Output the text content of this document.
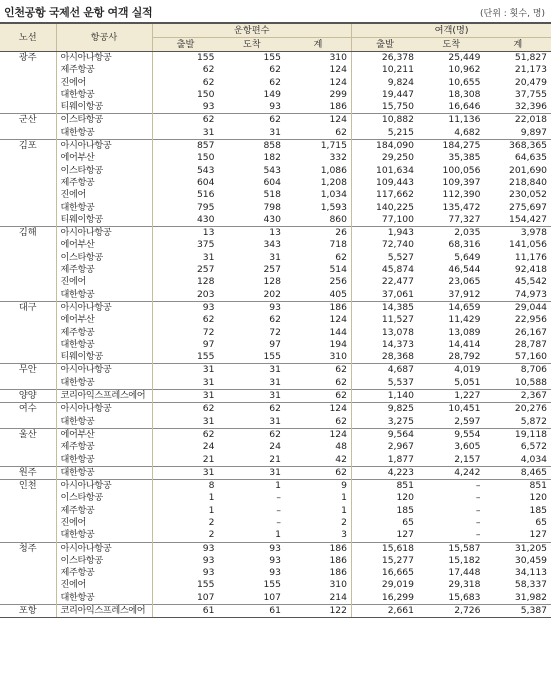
인천공항 국제선 운항 여객 실적	(단위 : 횟수, 명)
노선	항공사	운항편수			여객(명)		
		출발	도착	계	출발	도착	계
광주	아시아나항공	155	155	310	26,378	25,449	51,827
	제주항공	62	62	124	10,211	10,962	21,173
	진에어	62	62	124	9,824	10,655	20,479
	대한항공	150	149	299	19,447	18,308	37,755
	티웨이항공	93	93	186	15,750	16,646	32,396
군산	이스타항공	62	62	124	10,882	11,136	22,018
	대한항공	31	31	62	5,215	4,682	9,897
김포	아시아나항공	857	858	1,715	184,090	184,275	368,365
	에어부산	150	182	332	29,250	35,385	64,635
	이스타항공	543	543	1,086	101,634	100,056	201,690
	제주항공	604	604	1,208	109,443	109,397	218,840
	진에어	516	518	1,034	117,662	112,390	230,052
	대한항공	795	798	1,593	140,225	135,472	275,697
	티웨이항공	430	430	860	77,100	77,327	154,427
김해	아시아나항공	13	13	26	1,943	2,035	3,978
	에어부산	375	343	718	72,740	68,316	141,056
	이스타항공	31	31	62	5,527	5,649	11,176
	제주항공	257	257	514	45,874	46,544	92,418
	진에어	128	128	256	22,477	23,065	45,542
	대한항공	203	202	405	37,061	37,912	74,973
대구	아시아나항공	93	93	186	14,385	14,659	29,044
	에어부산	62	62	124	11,527	11,429	22,956
	제주항공	72	72	144	13,078	13,089	26,167
	대한항공	97	97	194	14,373	14,414	28,787
	티웨이항공	155	155	310	28,368	28,792	57,160
무안	아시아나항공	31	31	62	4,687	4,019	8,706
	대한항공	31	31	62	5,537	5,051	10,588
양양	코리아익스프레스에어	31	31	62	1,140	1,227	2,367
여수	아시아나항공	62	62	124	9,825	10,451	20,276
	대한항공	31	31	62	3,275	2,597	5,872
울산	에어부산	62	62	124	9,564	9,554	19,118
	제주항공	24	24	48	2,967	3,605	6,572
	대한항공	21	21	42	1,877	2,157	4,034
원주	대한항공	31	31	62	4,223	4,242	8,465
인천	아시아나항공	8	1	9	851	–	851
	이스타항공	1	–	1	120	–	120
	제주항공	1	–	1	185	–	185
	진에어	2	–	2	65	–	65
	대한항공	2	1	3	127	–	127
청주	아시아나항공	93	93	186	15,618	15,587	31,205
	이스타항공	93	93	186	15,277	15,182	30,459
	제주항공	93	93	186	16,665	17,448	34,113
	진에어	155	155	310	29,019	29,318	58,337
	대한항공	107	107	214	16,299	15,683	31,982
포항	코리아익스프레스에어	61	61	122	2,661	2,726	5,387
